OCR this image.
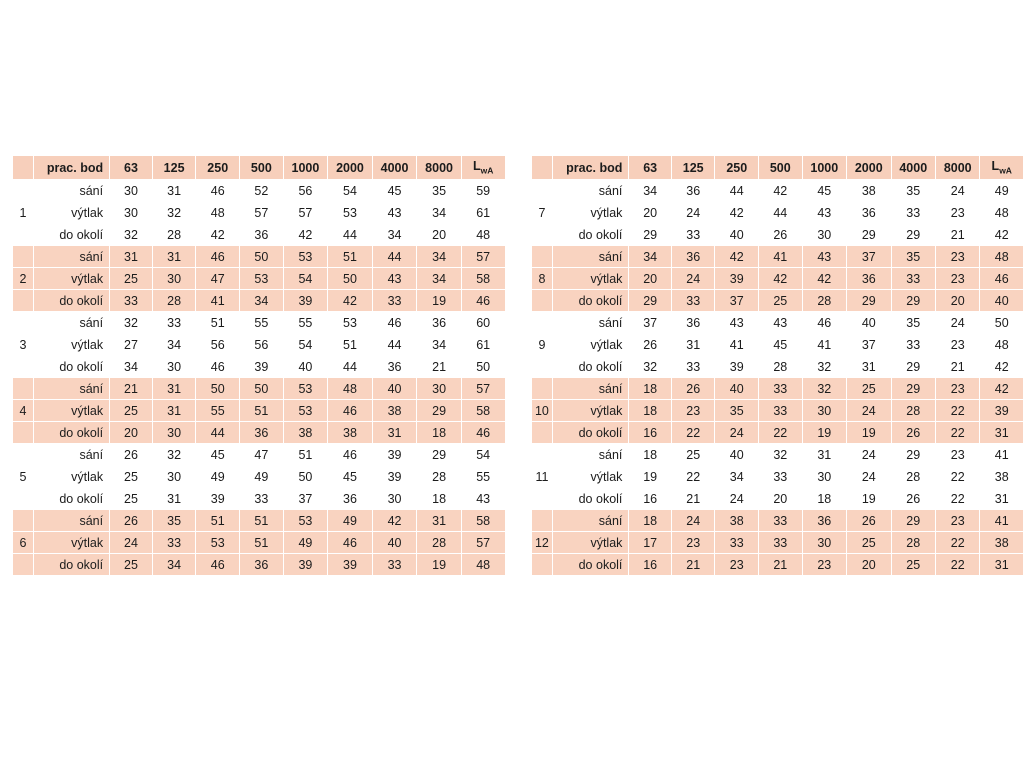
	prac. bod	63	125	250	500	1000	2000	4000	8000	$L_{wA}$
	sání	30	31	46	52	56	54	45	35	59
1	výtlak	30	32	48	57	57	53	43	34	61
	do okolí	32	28	42	36	42	44	34	20	48
	sání	31	31	46	50	53	51	44	34	57
2	výtlak	25	30	47	53	54	50	43	34	58
	do okolí	33	28	41	34	39	42	33	19	46
	sání	32	33	51	55	55	53	46	36	60
3	výtlak	27	34	56	56	54	51	44	34	61
	do okolí	34	30	46	39	40	44	36	21	50
	sání	21	31	50	50	53	48	40	30	57
4	výtlak	25	31	55	51	53	46	38	29	58
	do okolí	20	30	44	36	38	38	31	18	46
	sání	26	32	45	47	51	46	39	29	54
5	výtlak	25	30	49	49	50	45	39	28	55
	do okolí	25	31	39	33	37	36	30	18	43
	sání	26	35	51	51	53	49	42	31	58
6	výtlak	24	33	53	51	49	46	40	28	57
	do okolí	25	34	46	36	39	39	33	19	48
	prac. bod	63	125	250	500	1000	2000	4000	8000	$L_{wA}$
	sání	34	36	44	42	45	38	35	24	49
7	výtlak	20	24	42	44	43	36	33	23	48
	do okolí	29	33	40	26	30	29	29	21	42
	sání	34	36	42	41	43	37	35	23	48
8	výtlak	20	24	39	42	42	36	33	23	46
	do okolí	29	33	37	25	28	29	29	20	40
	sání	37	36	43	43	46	40	35	24	50
9	výtlak	26	31	41	45	41	37	33	23	48
	do okolí	32	33	39	28	32	31	29	21	42
	sání	18	26	40	33	32	25	29	23	42
10	výtlak	18	23	35	33	30	24	28	22	39
	do okolí	16	22	24	22	19	19	26	22	31
	sání	18	25	40	32	31	24	29	23	41
11	výtlak	19	22	34	33	30	24	28	22	38
	do okolí	16	21	24	20	18	19	26	22	31
	sání	18	24	38	33	36	26	29	23	41
12	výtlak	17	23	33	33	30	25	28	22	38
	do okolí	16	21	23	21	23	20	25	22	31
